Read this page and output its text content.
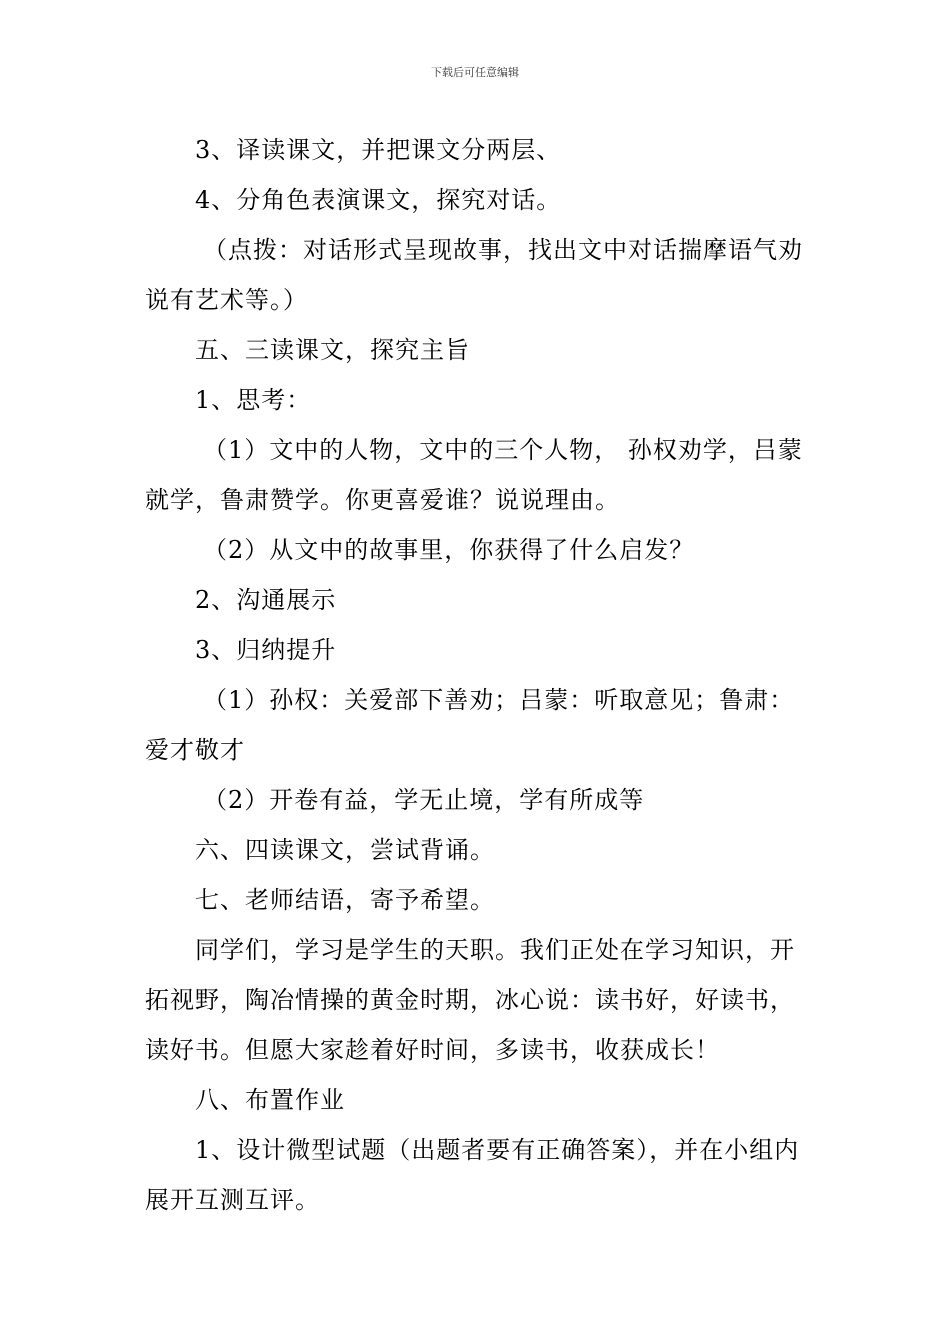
下载后可任意编辑

3、译读课文，并把课文分两层、

4、分角色表演课文，探究对话。

（点拨：对话形式呈现故事，找出文中对话揣摩语气劝说有艺术等。）

五、三读课文，探究主旨

1、思考：

（1）文中的人物，文中的三个人物， 孙权劝学，吕蒙就学，鲁肃赞学。你更喜爱谁？说说理由。

（2）从文中的故事里，你获得了什么启发？

2、沟通展示

3、归纳提升

（1）孙权：关爱部下善劝；吕蒙：听取意见；鲁肃：爱才敬才

（2）开卷有益，学无止境，学有所成等

六、四读课文，尝试背诵。

七、老师结语，寄予希望。

同学们，学习是学生的天职。我们正处在学习知识，开拓视野，陶冶情操的黄金时期，冰心说：读书好，好读书，读好书。但愿大家趁着好时间，多读书，收获成长！

八、布置作业

1、设计微型试题（出题者要有正确答案），并在小组内展开互测互评。
